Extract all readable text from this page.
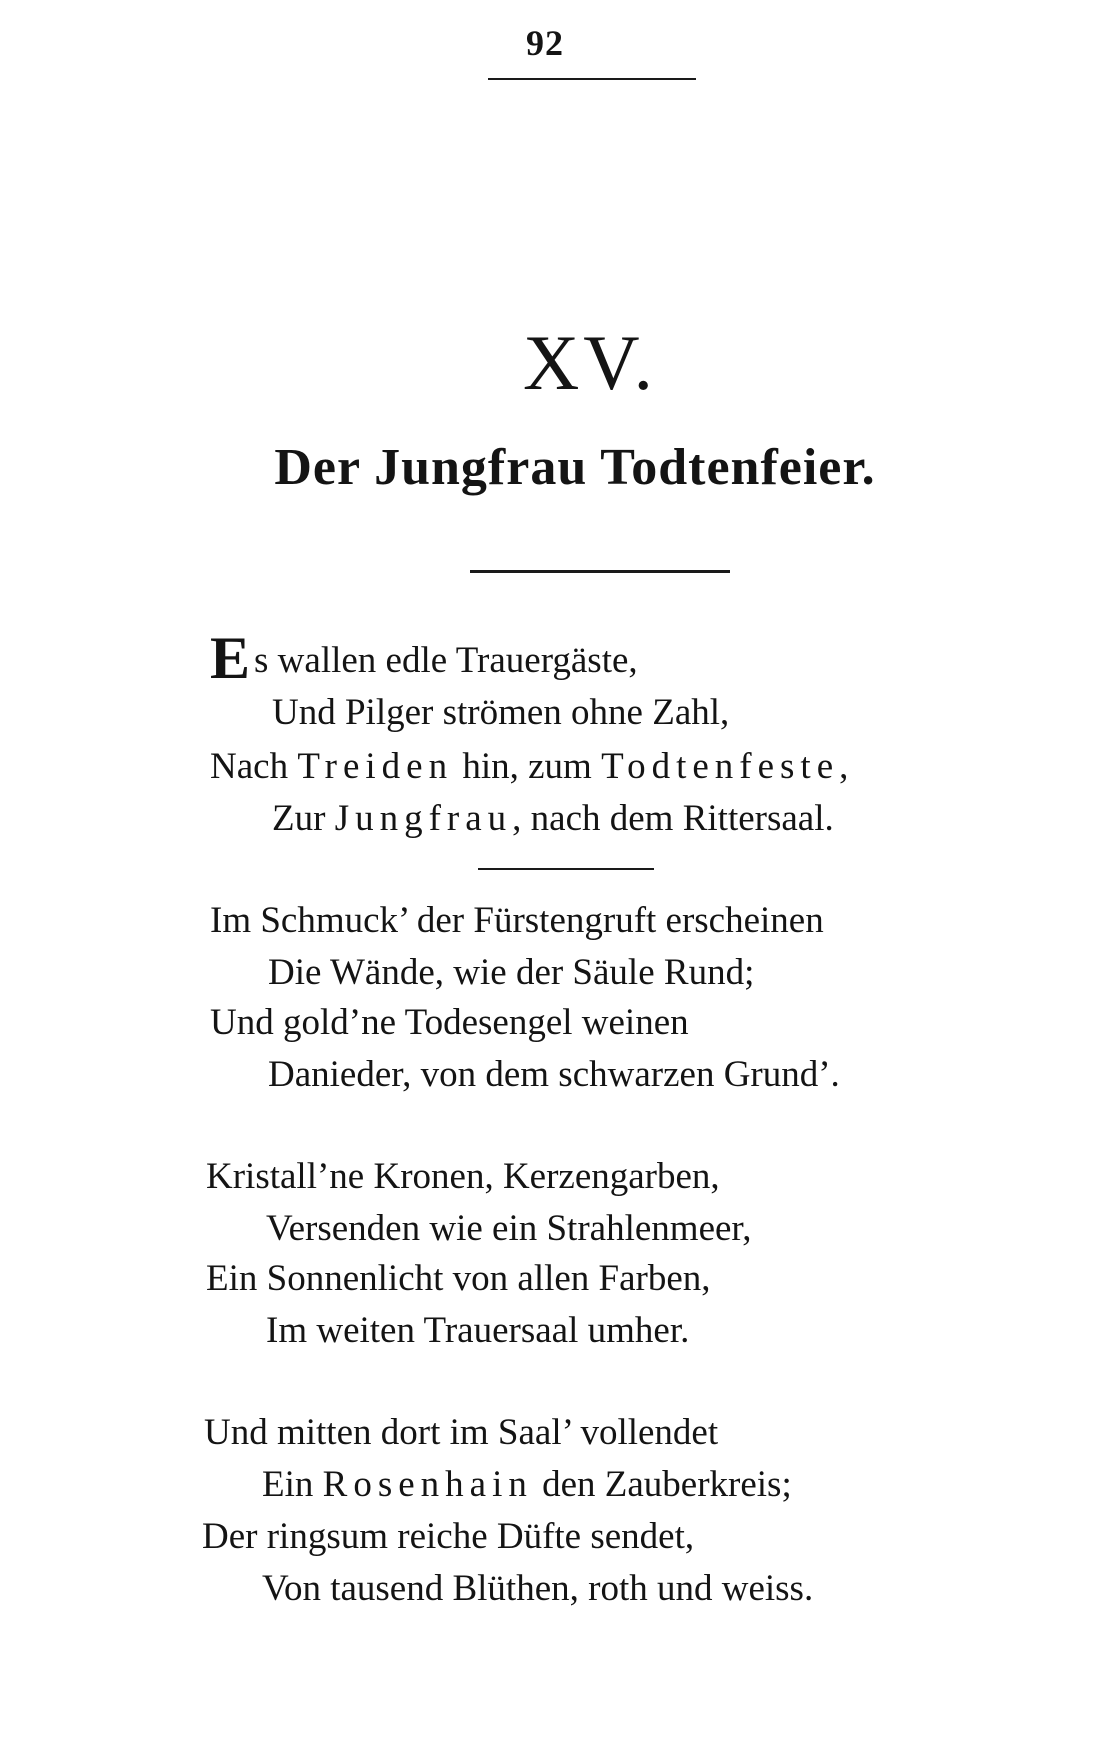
92
XV.
Der Jungfrau Todtenfeier.
Es wallen edle Trauergäste,
Und Pilger strömen ohne Zahl,
Nach Treiden hin, zum Todtenfeste,
Zur Jungfrau, nach dem Rittersaal.
Im Schmuck’ der Fürstengruft erscheinen
Die Wände, wie der Säule Rund;
Und gold’ne Todesengel weinen
Danieder, von dem schwarzen Grund’.
Kristall’ne Kronen, Kerzengarben,
Versenden wie ein Strahlenmeer,
Ein Sonnenlicht von allen Farben,
Im weiten Trauersaal umher.
Und mitten dort im Saal’ vollendet
Ein Rosenhain den Zauberkreis;
Der ringsum reiche Düfte sendet,
Von tausend Blüthen, roth und weiss.
